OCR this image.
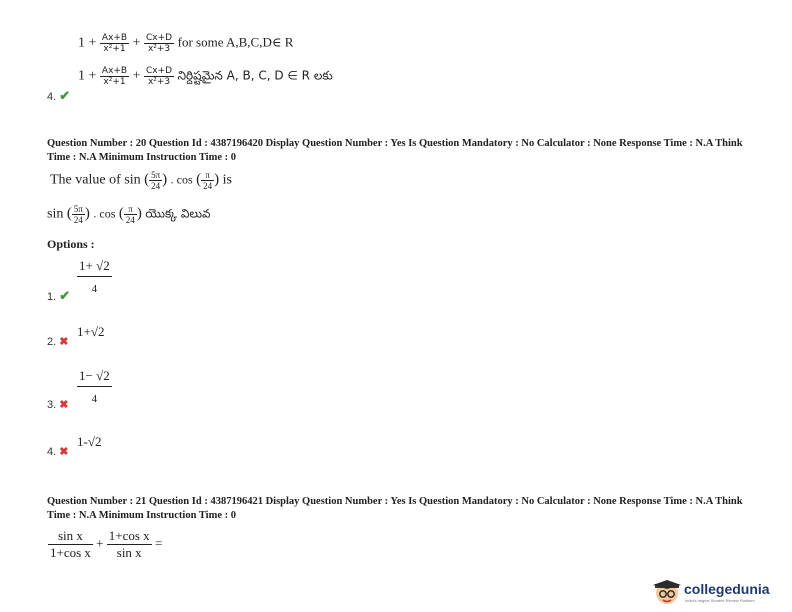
$1 + \frac{Ax+B}{\text{x²+1}} + \frac{Cx+D}{\text{x²+3}}$ for some A,B,C,D∈ R
4. ✔
$1 + \frac{Ax+B}{\text{x²+1}} + \frac{Cx+D}{\text{x²+3}}$ నిర్దిష్టమైన A, B, C, D ∈ R లకు
Question Number : 20 Question Id : 4387196420 Display Question Number : Yes Is Question Mandatory : No Calculator : None Response Time : N.A Think Time : N.A Minimum Instruction Time : 0
The value of sin ( $\frac{5\pi}{24}$ ) . cos ( $\frac{\pi}{24}$ ) is
sin ( $\frac{5\pi}{24}$ ) . cos ( $\frac{\pi}{24}$ ) యొక్క విలువ
Options :
1. ✔
1+ √2
4
2. ✖
1+√2
3. ✖
1− √2
4
4. ✖
1-√2
Question Number : 21 Question Id : 4387196421 Display Question Number : Yes Is Question Mandatory : No Calculator : None Response Time : N.A Think Time : N.A Minimum Instruction Time : 0
$\frac{\text{sin x}}{\text{1+cos x}} + \frac{\text{1+cos x}}{\text{sin x}}$ =
collegedunia
India's largest Student Review Platform
